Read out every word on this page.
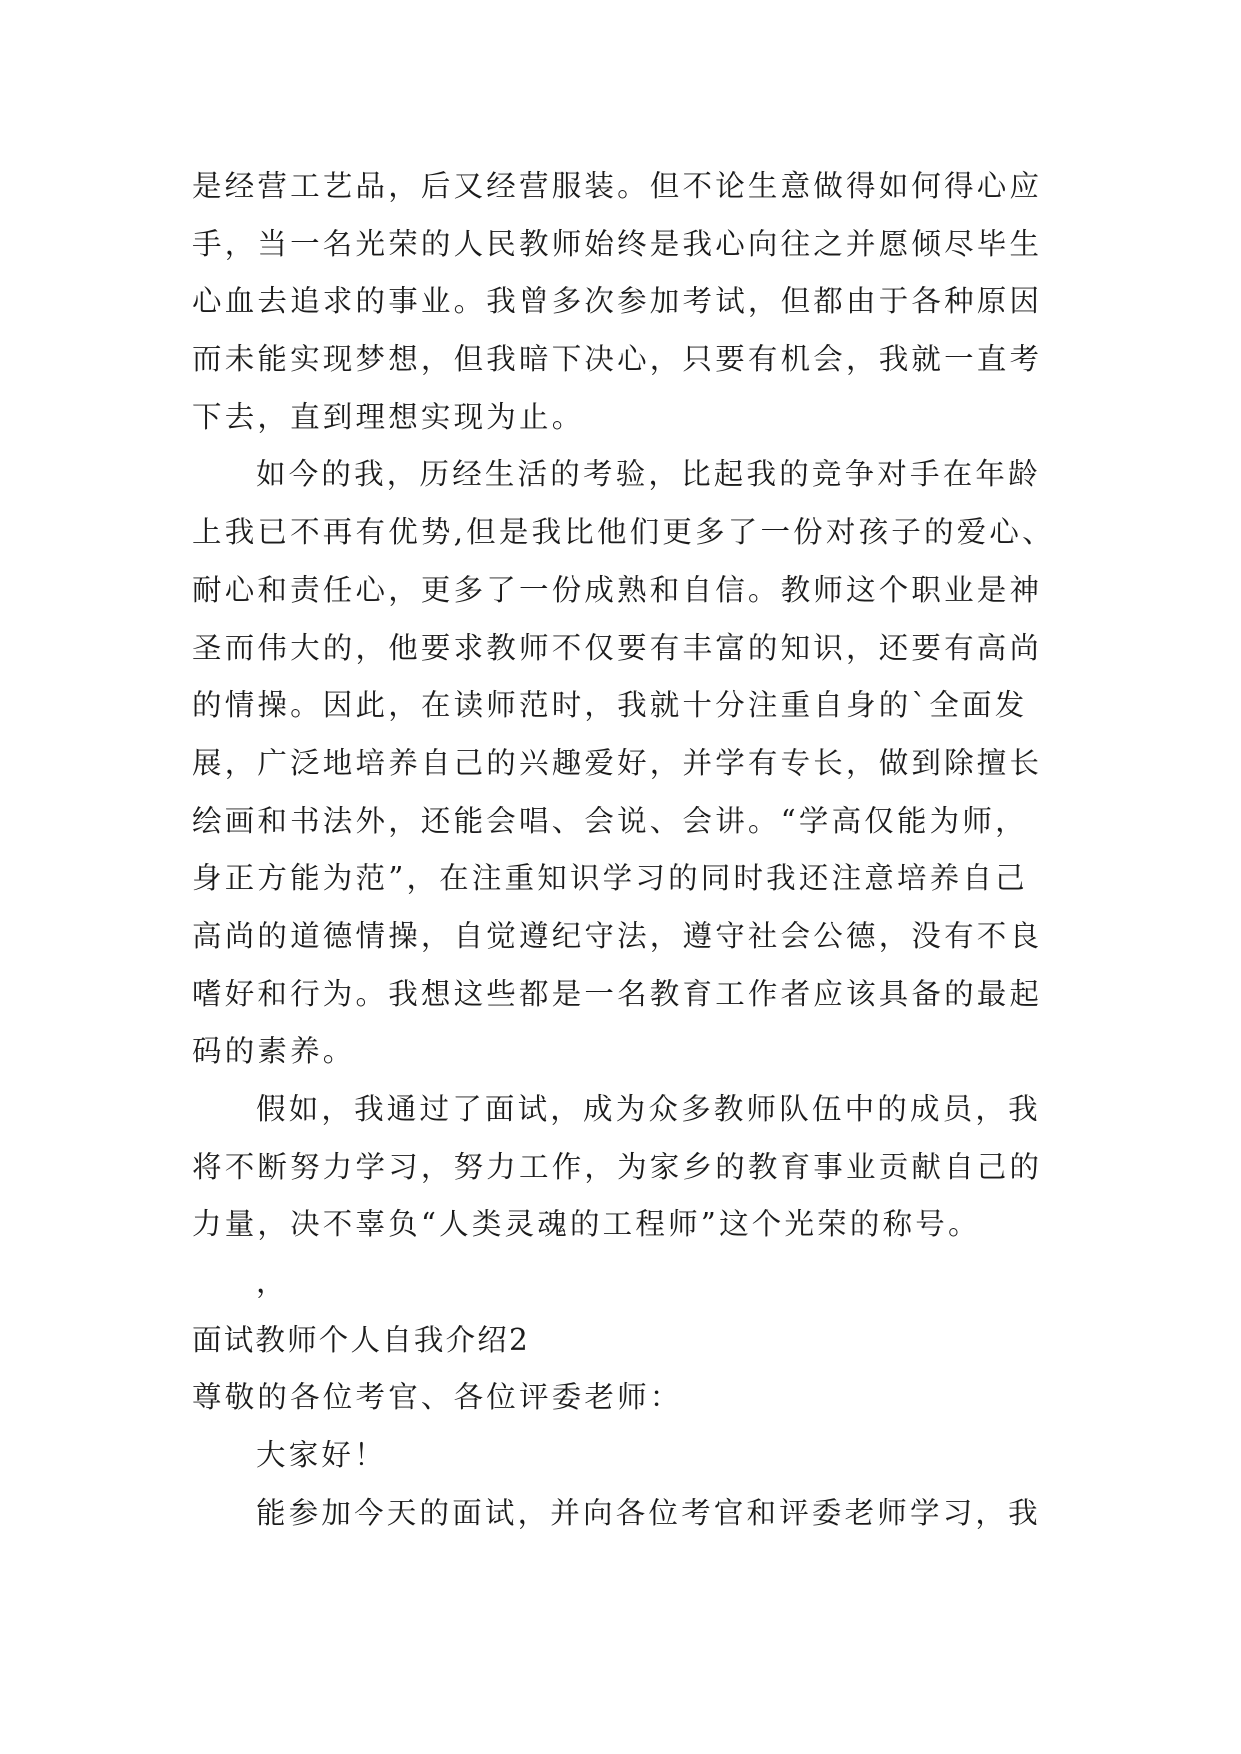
是经营工艺品，后又经营服装。但不论生意做得如何得心应
手，当一名光荣的人民教师始终是我心向往之并愿倾尽毕生
心血去追求的事业。我曾多次参加考试，但都由于各种原因
而未能实现梦想，但我暗下决心，只要有机会，我就一直考
下去，直到理想实现为止。
如今的我，历经生活的考验，比起我的竞争对手在年龄
上我已不再有优势,但是我比他们更多了一份对孩子的爱心、
耐心和责任心，更多了一份成熟和自信。教师这个职业是神
圣而伟大的，他要求教师不仅要有丰富的知识，还要有高尚
的情操。因此，在读师范时，我就十分注重自身的`全面发
展，广泛地培养自己的兴趣爱好，并学有专长，做到除擅长
绘画和书法外，还能会唱、会说、会讲。“学高仅能为师，
身正方能为范”，在注重知识学习的同时我还注意培养自己
高尚的道德情操，自觉遵纪守法，遵守社会公德，没有不良
嗜好和行为。我想这些都是一名教育工作者应该具备的最起
码的素养。
假如，我通过了面试，成为众多教师队伍中的成员，我
将不断努力学习，努力工作，为家乡的教育事业贡献自己的
力量，决不辜负“人类灵魂的工程师”这个光荣的称号。
，
面试教师个人自我介绍2
尊敬的各位考官、各位评委老师：
大家好！
能参加今天的面试，并向各位考官和评委老师学习，我
